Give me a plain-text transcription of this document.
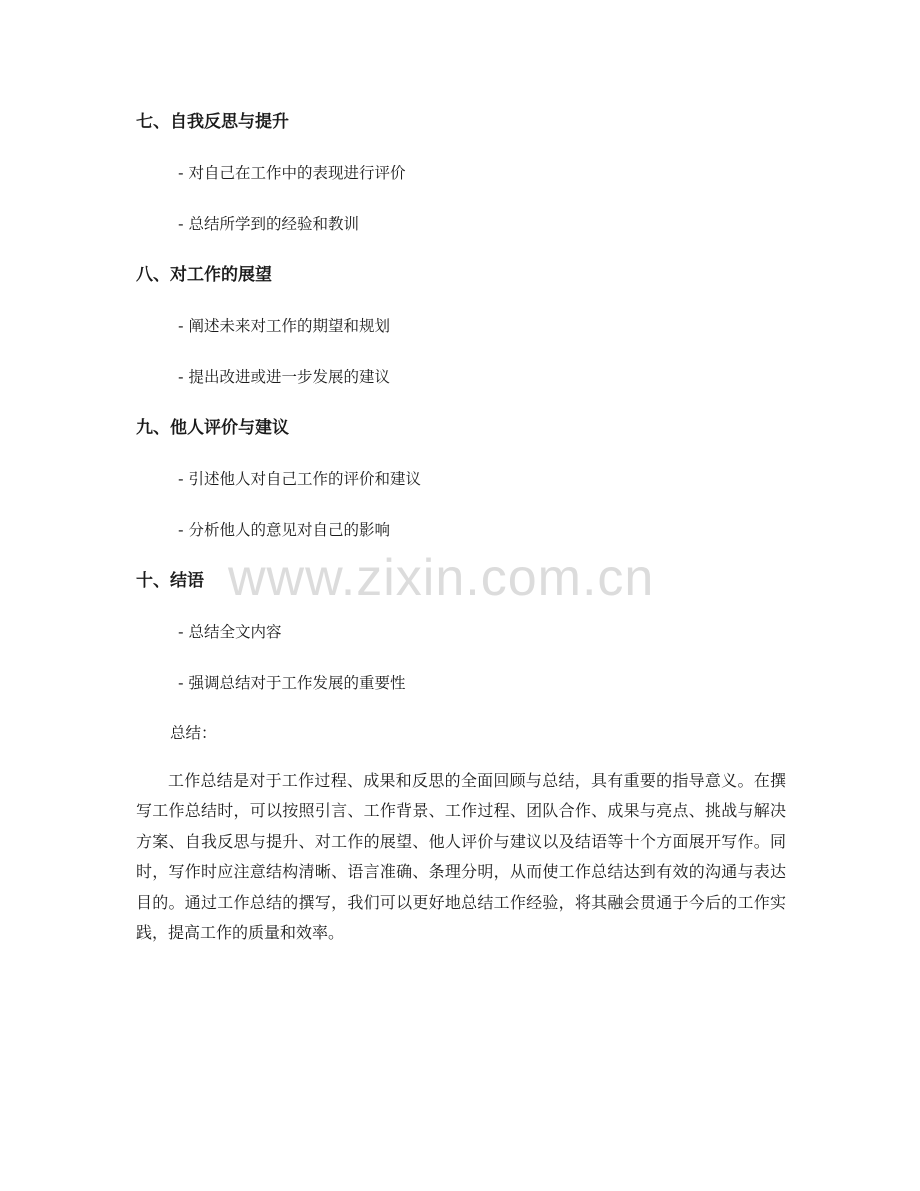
七、自我反思与提升
- 对自己在工作中的表现进行评价
- 总结所学到的经验和教训
八、对工作的展望
- 阐述未来对工作的期望和规划
- 提出改进或进一步发展的建议
九、他人评价与建议
- 引述他人对自己工作的评价和建议
- 分析他人的意见对自己的影响
十、结语
- 总结全文内容
- 强调总结对于工作发展的重要性
总结：

工作总结是对于工作过程、成果和反思的全面回顾与总结，具有重要的指导意义。在撰写工作总结时，可以按照引言、工作背景、工作过程、团队合作、成果与亮点、挑战与解决方案、自我反思与提升、对工作的展望、他人评价与建议以及结语等十个方面展开写作。同时，写作时应注意结构清晰、语言准确、条理分明，从而使工作总结达到有效的沟通与表达目的。通过工作总结的撰写，我们可以更好地总结工作经验，将其融会贯通于今后的工作实践，提高工作的质量和效率。

www.zixin.com.cn
